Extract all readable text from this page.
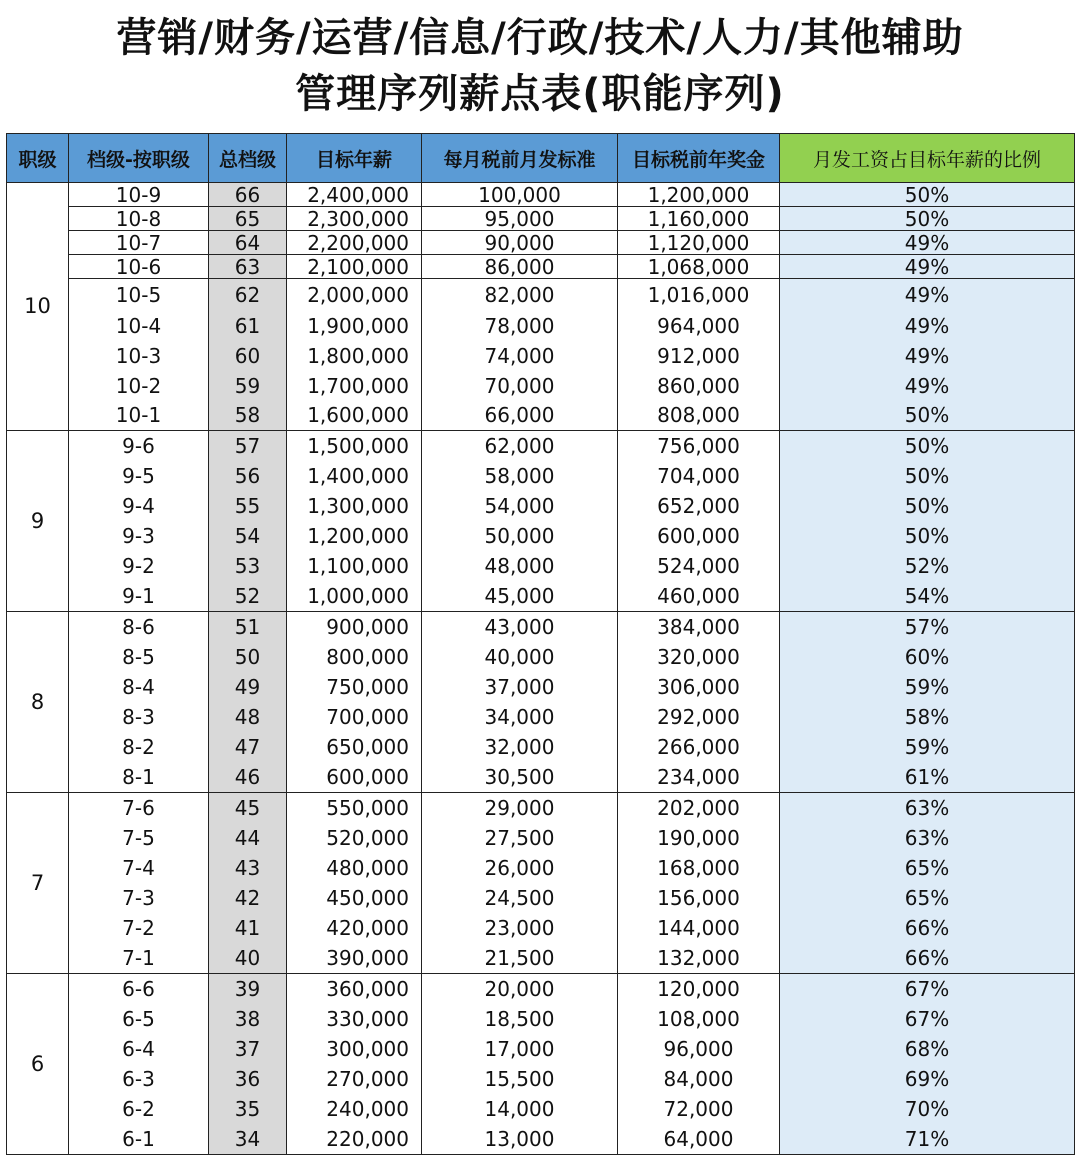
营销/财务/运营/信息/行政/技术/人力/其他辅助
管理序列薪点表(职能序列)
职级	档级-按职级	总档级	目标年薪	每月税前月发标准	目标税前年奖金	月发工资占目标年薪的比例
10	10-9	66	2,400,000	100,000	1,200,000	50%
	10-8	65	2,300,000	95,000	1,160,000	50%
	10-7	64	2,200,000	90,000	1,120,000	49%
	10-6	63	2,100,000	86,000	1,068,000	49%
	10-5	62	2,000,000	82,000	1,016,000	49%
	10-4	61	1,900,000	78,000	964,000	49%
	10-3	60	1,800,000	74,000	912,000	49%
	10-2	59	1,700,000	70,000	860,000	49%
	10-1	58	1,600,000	66,000	808,000	50%
9	9-6	57	1,500,000	62,000	756,000	50%
	9-5	56	1,400,000	58,000	704,000	50%
	9-4	55	1,300,000	54,000	652,000	50%
	9-3	54	1,200,000	50,000	600,000	50%
	9-2	53	1,100,000	48,000	524,000	52%
	9-1	52	1,000,000	45,000	460,000	54%
8	8-6	51	900,000	43,000	384,000	57%
	8-5	50	800,000	40,000	320,000	60%
	8-4	49	750,000	37,000	306,000	59%
	8-3	48	700,000	34,000	292,000	58%
	8-2	47	650,000	32,000	266,000	59%
	8-1	46	600,000	30,500	234,000	61%
7	7-6	45	550,000	29,000	202,000	63%
	7-5	44	520,000	27,500	190,000	63%
	7-4	43	480,000	26,000	168,000	65%
	7-3	42	450,000	24,500	156,000	65%
	7-2	41	420,000	23,000	144,000	66%
	7-1	40	390,000	21,500	132,000	66%
6	6-6	39	360,000	20,000	120,000	67%
	6-5	38	330,000	18,500	108,000	67%
	6-4	37	300,000	17,000	96,000	68%
	6-3	36	270,000	15,500	84,000	69%
	6-2	35	240,000	14,000	72,000	70%
	6-1	34	220,000	13,000	64,000	71%
